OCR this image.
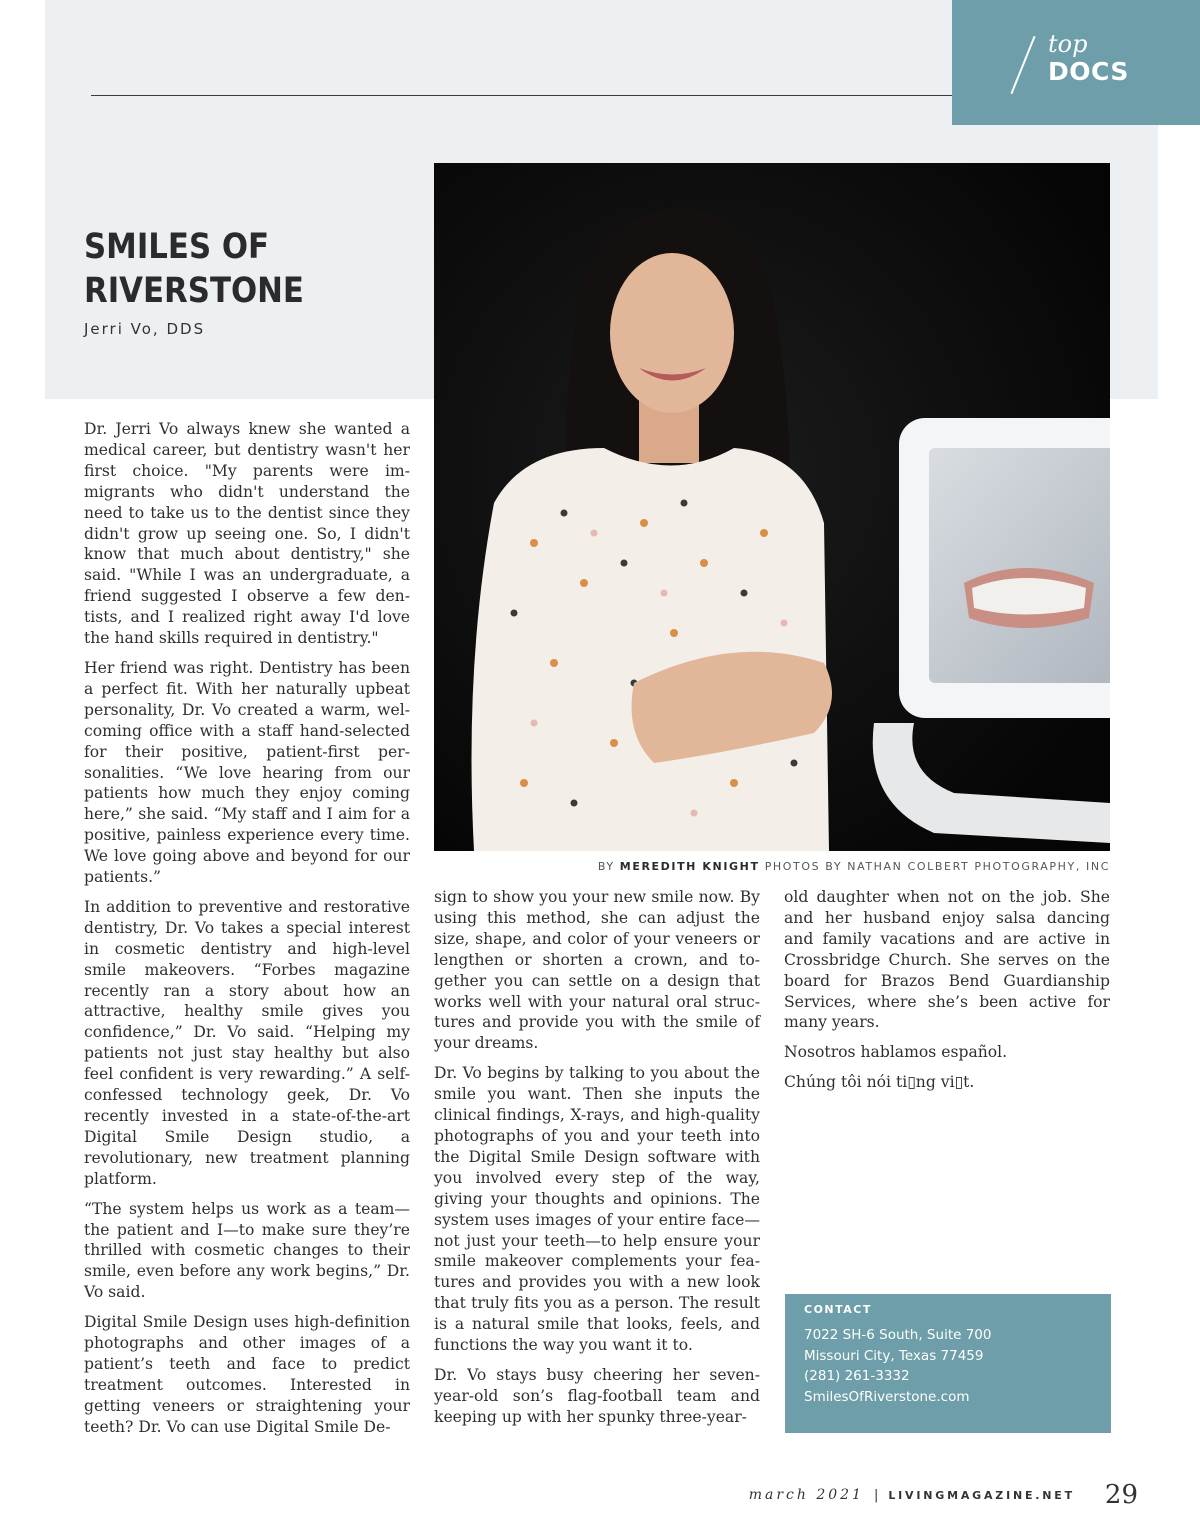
top
DOCS
SMILES OF
RIVERSTONE
Jerri Vo, DDS
BY MEREDITH KNIGHT PHOTOS BY NATHAN COLBERT PHOTOGRAPHY, INC

Dr. Jerri Vo always knew she wanted a medical career, but dentistry wasn't her first choice. "My parents were immigrants who didn't understand the need to take us to the dentist since they didn't grow up seeing one. So, I didn't know that much about dentistry," she said. "While I was an undergraduate, a friend suggested I observe a few dentists, and I realized right away I'd love the hand skills required in dentistry."

Her friend was right. Dentistry has been a perfect fit. With her naturally upbeat personality, Dr. Vo created a warm, welcoming office with a staff hand-selected for their positive, patient-first personalities. “We love hearing from our patients how much they enjoy coming here,” she said. “My staff and I aim for a positive, painless experience every time. We love going above and beyond for our patients.”

In addition to preventive and restorative dentistry, Dr. Vo takes a special interest in cosmetic dentistry and high-level smile makeovers. “Forbes magazine recently ran a story about how an attractive, healthy smile gives you confidence,” Dr. Vo said. “Helping my patients not just stay healthy but also feel confident is very rewarding.” A self-confessed technology geek, Dr. Vo recently invested in a state-of-the-art Digital Smile Design studio, a revolutionary, new treatment planning platform.

“The system helps us work as a team—the patient and I—to make sure they’re thrilled with cosmetic changes to their smile, even before any work begins,” Dr. Vo said.

Digital Smile Design uses high-definition photographs and other images of a patient’s teeth and face to predict treatment outcomes. Interested in getting veneers or straightening your teeth? Dr. Vo can use Digital Smile De-

sign to show you your new smile now. By using this method, she can adjust the size, shape, and color of your veneers or lengthen or shorten a crown, and together you can settle on a design that works well with your natural oral structures and provide you with the smile of your dreams.

Dr. Vo begins by talking to you about the smile you want. Then she inputs the clinical findings, X-rays, and high-quality photographs of you and your teeth into the Digital Smile Design software with you involved every step of the way, giving your thoughts and opinions. The system uses images of your entire face—not just your teeth—to help ensure your smile makeover complements your features and provides you with a new look that truly fits you as a person. The result is a natural smile that looks, feels, and functions the way you want it to.

Dr. Vo stays busy cheering her seven-year-old son’s flag-football team and keeping up with her spunky three-year-

old daughter when not on the job. She and her husband enjoy salsa dancing and family vacations and are active in Crossbridge Church. She serves on the board for Brazos Bend Guardianship Services, where she’s been active for many years.

Nosotros hablamos español.

Chúng tôi nói ti▯ng vi▯t.

CONTACT
7022 SH-6 South, Suite 700
Missouri City, Texas 77459
(281) 261-3332
SmilesOfRiverstone.com
march 2021 | LIVINGMAGAZINE.NET 29
